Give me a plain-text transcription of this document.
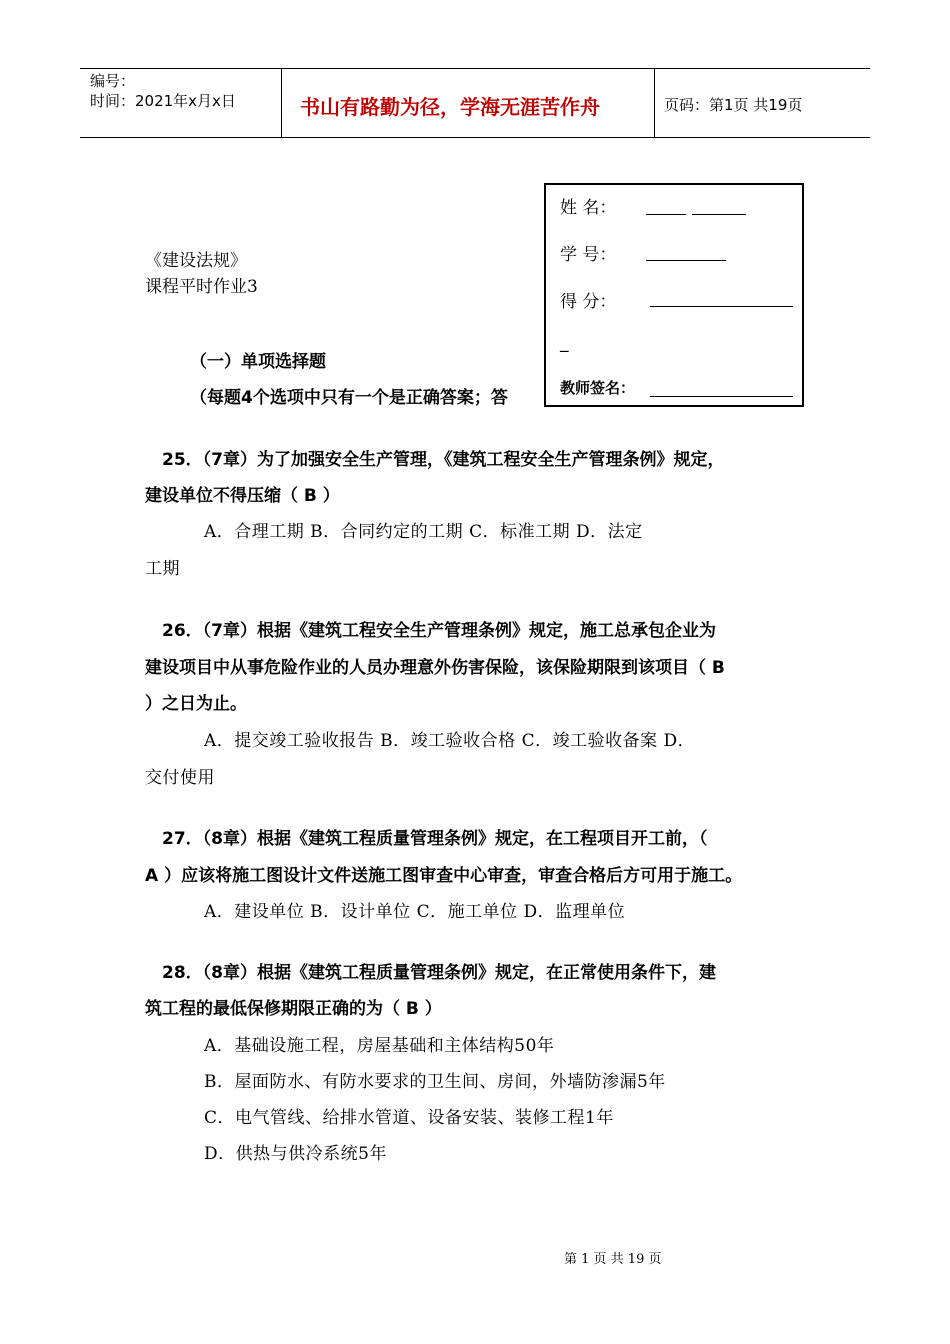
编号：
时间：2021年x月x日	书山有路勤为径，学海无涯苦作舟	页码：第1页 共19页
姓 名：
学 号：
得 分：
_
教师签名：
《建设法规》
课程平时作业3
（一）单项选择题
（每题4个选项中只有一个是正确答案；答
25．（7章）为了加强安全生产管理，《建筑工程安全生产管理条例》规定，
建设单位不得压缩（ B ）
A．合理工期 B．合同约定的工期 C．标准工期 D．法定
工期
26．（7章）根据《建筑工程安全生产管理条例》规定，施工总承包企业为
建设项目中从事危险作业的人员办理意外伤害保险，该保险期限到该项目（ B
）之日为止。
A．提交竣工验收报告 B．竣工验收合格 C．竣工验收备案 D．
交付使用
27．（8章）根据《建筑工程质量管理条例》规定，在工程项目开工前，（
A ）应该将施工图设计文件送施工图审查中心审查，审查合格后方可用于施工。
A．建设单位 B．设计单位 C．施工单位 D．监理单位
28．（8章）根据《建筑工程质量管理条例》规定，在正常使用条件下，建
筑工程的最低保修期限正确的为（ B ）
A．基础设施工程，房屋基础和主体结构50年
B．屋面防水、有防水要求的卫生间、房间，外墙防渗漏5年
C．电气管线、给排水管道、设备安装、装修工程1年
D．供热与供冷系统5年
第 1 页 共 19 页
